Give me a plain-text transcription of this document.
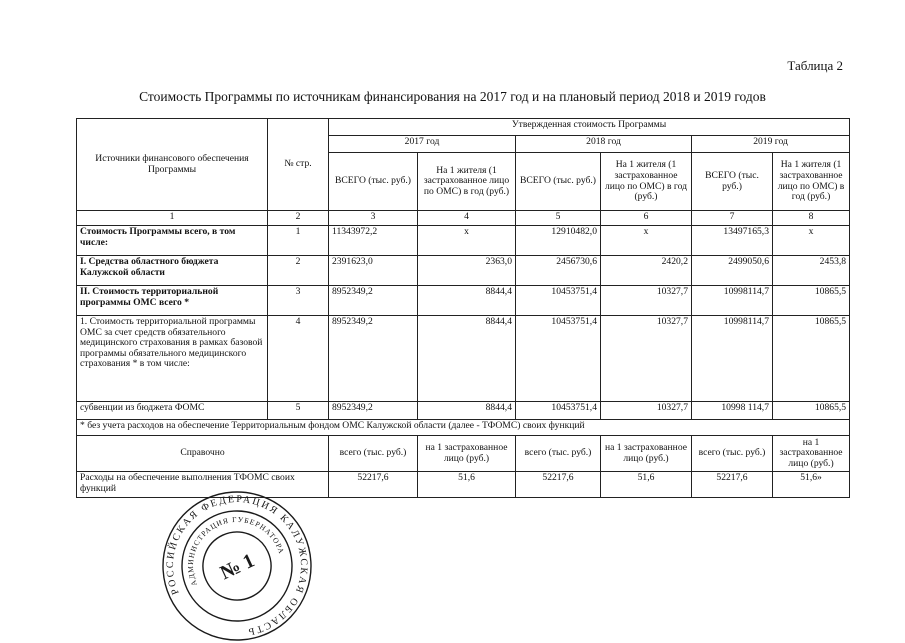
Таблица 2
Стоимость Программы по источникам финансирования на 2017 год и на плановый период 2018 и 2019 годов
Источники финансового обеспечения Программы	№ стр.	Утвержденная стоимость Программы					
		2017 год		2018 год		2019 год	
		ВСЕГО (тыс. руб.)	На 1 жителя (1 застрахованное лицо по ОМС) в год (руб.)	ВСЕГО (тыс. руб.)	На 1 жителя (1 застрахованное лицо по ОМС) в год (руб.)	ВСЕГО (тыс. руб.)	На 1 жителя (1 застрахованное лицо по ОМС) в год (руб.)
1	2	3	4	5	6	7	8
Стоимость Программы всего, в том числе:	1	11343972,2	х	12910482,0	х	13497165,3	х
I. Средства областного бюджета Калужской области	2	2391623,0	2363,0	2456730,6	2420,2	2499050,6	2453,8
II. Стоимость территориальной программы ОМС всего *	3	8952349,2	8844,4	10453751,4	10327,7	10998114,7	10865,5
1. Стоимость территориальной программы ОМС за счет средств обязательного медицинского страхования в рамках базовой программы обязательного медицинского страхования * в том числе:	4	8952349,2	8844,4	10453751,4	10327,7	10998114,7	10865,5
субвенции из бюджета ФОМС	5	8952349,2	8844,4	10453751,4	10327,7	10998 114,7	10865,5
* без учета расходов на обеспечение Территориальным фондом ОМС Калужской области (далее - ТФОМС) своих функций							
Справочно		всего (тыс. руб.)	на 1 застрахованное лицо (руб.)	всего (тыс. руб.)	на 1 застрахованное лицо (руб.)	всего (тыс. руб.)	на 1 застрахованное лицо (руб.)
Расходы на обеспечение выполнения ТФОМС своих функций		52217,6	51,6	52217,6	51,6	52217,6	51,6»
РОССИЙСКАЯ ФЕДЕРАЦИЯ КАЛУЖСКАЯ ОБЛАСТЬ
АДМИНИСТРАЦИЯ ГУБЕРНАТОРА
№ 1
